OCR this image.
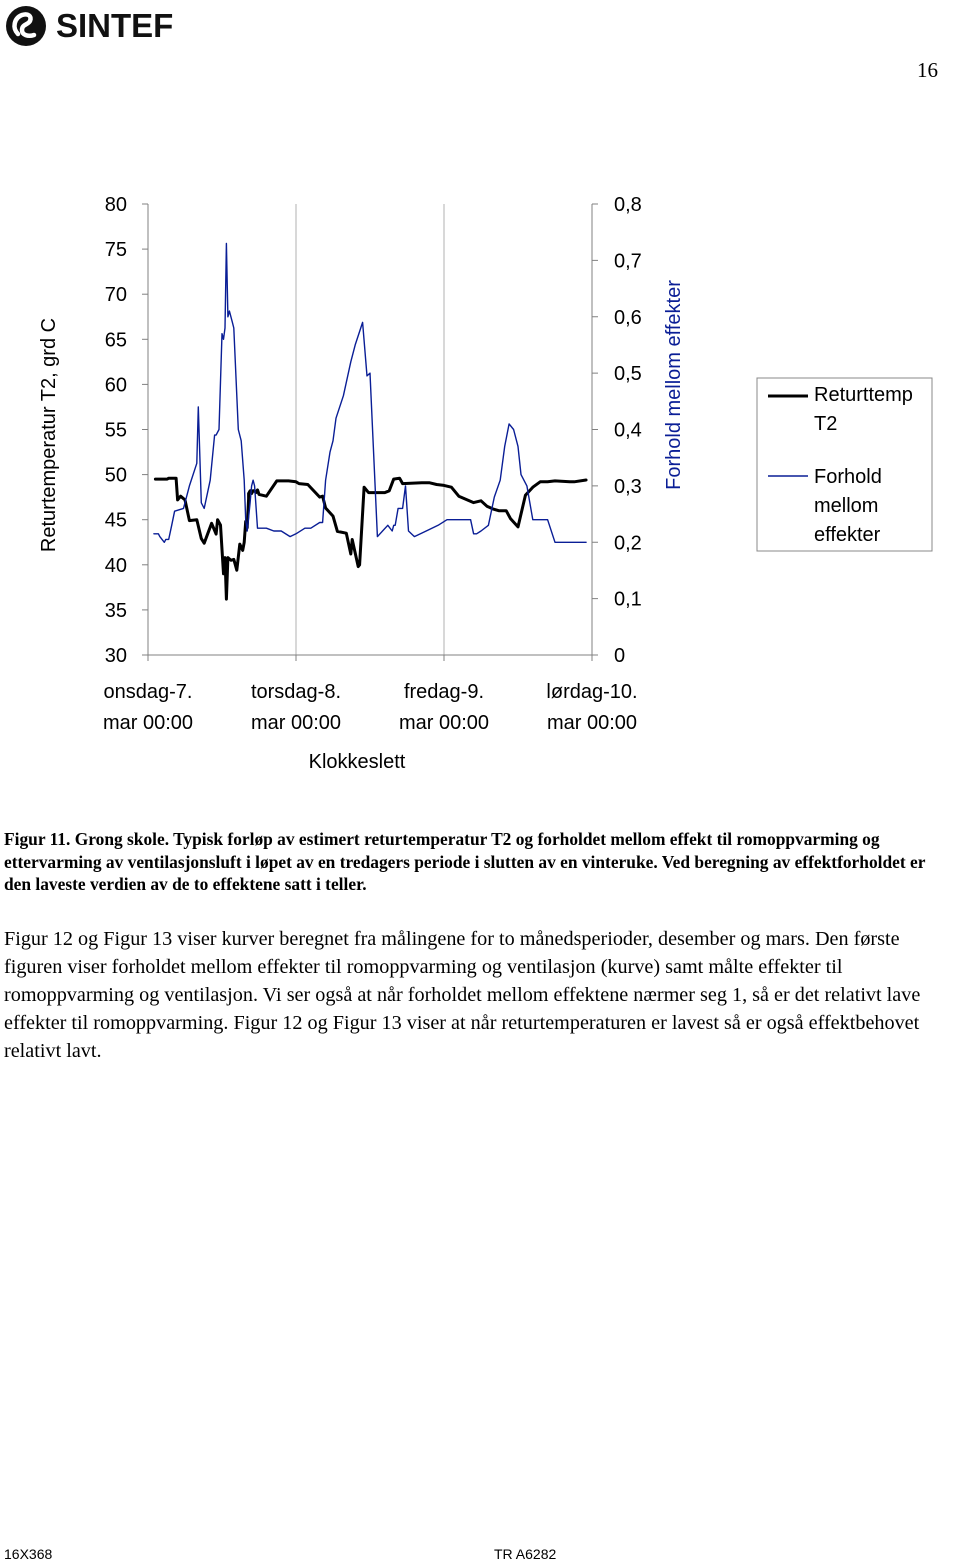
SINTEF
16
30
35
40
45
50
55
60
65
70
75
80
0
0,1
0,2
0,3
0,4
0,5
0,6
0,7
0,8
onsdag-7. mar 00:00
torsdag-8. mar 00:00
fredag-9. mar 00:00
lørdag-10. mar 00:00
Returtemperatur T2, grd C	Forhold mellom effekter
Klokkeslett
Returttemp T2
Forhold mellom effekter

Figur 11. Grong skole. Typisk forløp av estimert returtemperatur T2 og forholdet mellom effekt til romoppvarming og ettervarming av ventilasjonsluft i løpet av en tredagers periode i slutten av en vinteruke. Ved beregning av effektforholdet er den laveste verdien av de to effektene satt i teller.

Figur 12 og Figur 13 viser kurver beregnet fra målingene for to månedsperioder, desember og mars. Den første figuren viser forholdet mellom effekter til romoppvarming og ventilasjon (kurve) samt målte effekter til romoppvarming og ventilasjon. Vi ser også at når forholdet mellom effektene nærmer seg 1, så er det relativt lave effekter til romoppvarming. Figur 12 og Figur 13 viser at når returtemperaturen er lavest så er også effektbehovet relativt lavt.

16X368	TR A6282
